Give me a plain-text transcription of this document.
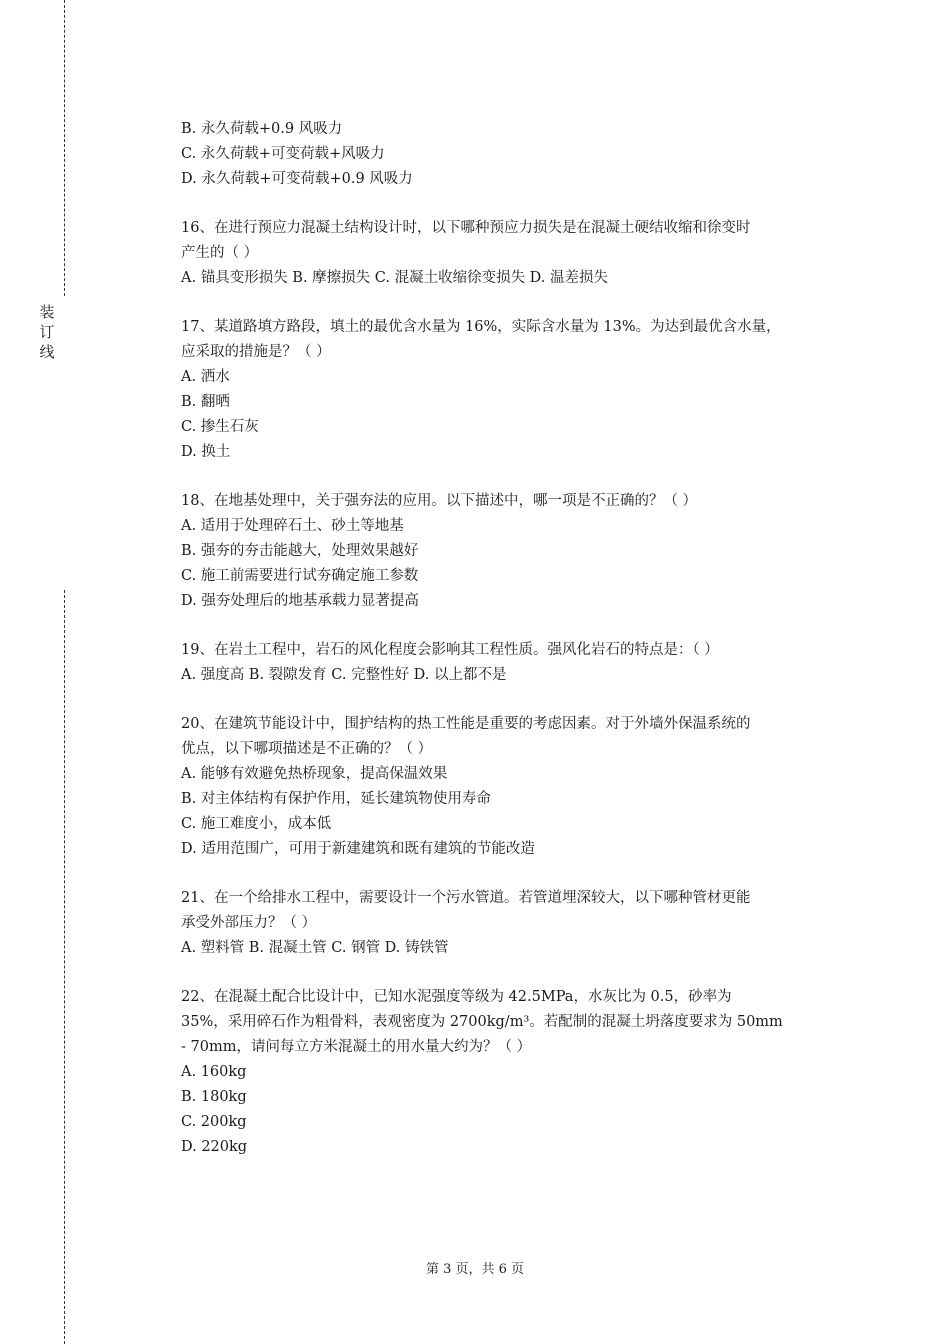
装
订
线
B. 永久荷载+0.9 风吸力
C. 永久荷载+可变荷载+风吸力
D. 永久荷载+可变荷载+0.9 风吸力
16、在进行预应力混凝土结构设计时，以下哪种预应力损失是在混凝土硬结收缩和徐变时
产生的（ ）
A. 锚具变形损失 B. 摩擦损失 C. 混凝土收缩徐变损失 D. 温差损失
17、某道路填方路段，填土的最优含水量为 16%，实际含水量为 13%。为达到最优含水量，
应采取的措施是？（ ）
A. 洒水
B. 翻晒
C. 掺生石灰
D. 换土
18、在地基处理中，关于强夯法的应用。以下描述中，哪一项是不正确的？（ ）
A. 适用于处理碎石土、砂土等地基
B. 强夯的夯击能越大，处理效果越好
C. 施工前需要进行试夯确定施工参数
D. 强夯处理后的地基承载力显著提高
19、在岩土工程中，岩石的风化程度会影响其工程性质。强风化岩石的特点是：（ ）
A. 强度高 B. 裂隙发育 C. 完整性好 D. 以上都不是
20、在建筑节能设计中，围护结构的热工性能是重要的考虑因素。对于外墙外保温系统的
优点，以下哪项描述是不正确的？（ ）
A. 能够有效避免热桥现象，提高保温效果
B. 对主体结构有保护作用，延长建筑物使用寿命
C. 施工难度小，成本低
D. 适用范围广，可用于新建建筑和既有建筑的节能改造
21、在一个给排水工程中，需要设计一个污水管道。若管道埋深较大，以下哪种管材更能
承受外部压力？（ ）
A. 塑料管 B. 混凝土管 C. 钢管 D. 铸铁管
22、在混凝土配合比设计中，已知水泥强度等级为 42.5MPa，水灰比为 0.5，砂率为
35%，采用碎石作为粗骨料，表观密度为 2700kg/m³。若配制的混凝土坍落度要求为 50mm
- 70mm，请问每立方米混凝土的用水量大约为？（ ）
A. 160kg
B. 180kg
C. 200kg
D. 220kg
第 3 页，共 6 页
